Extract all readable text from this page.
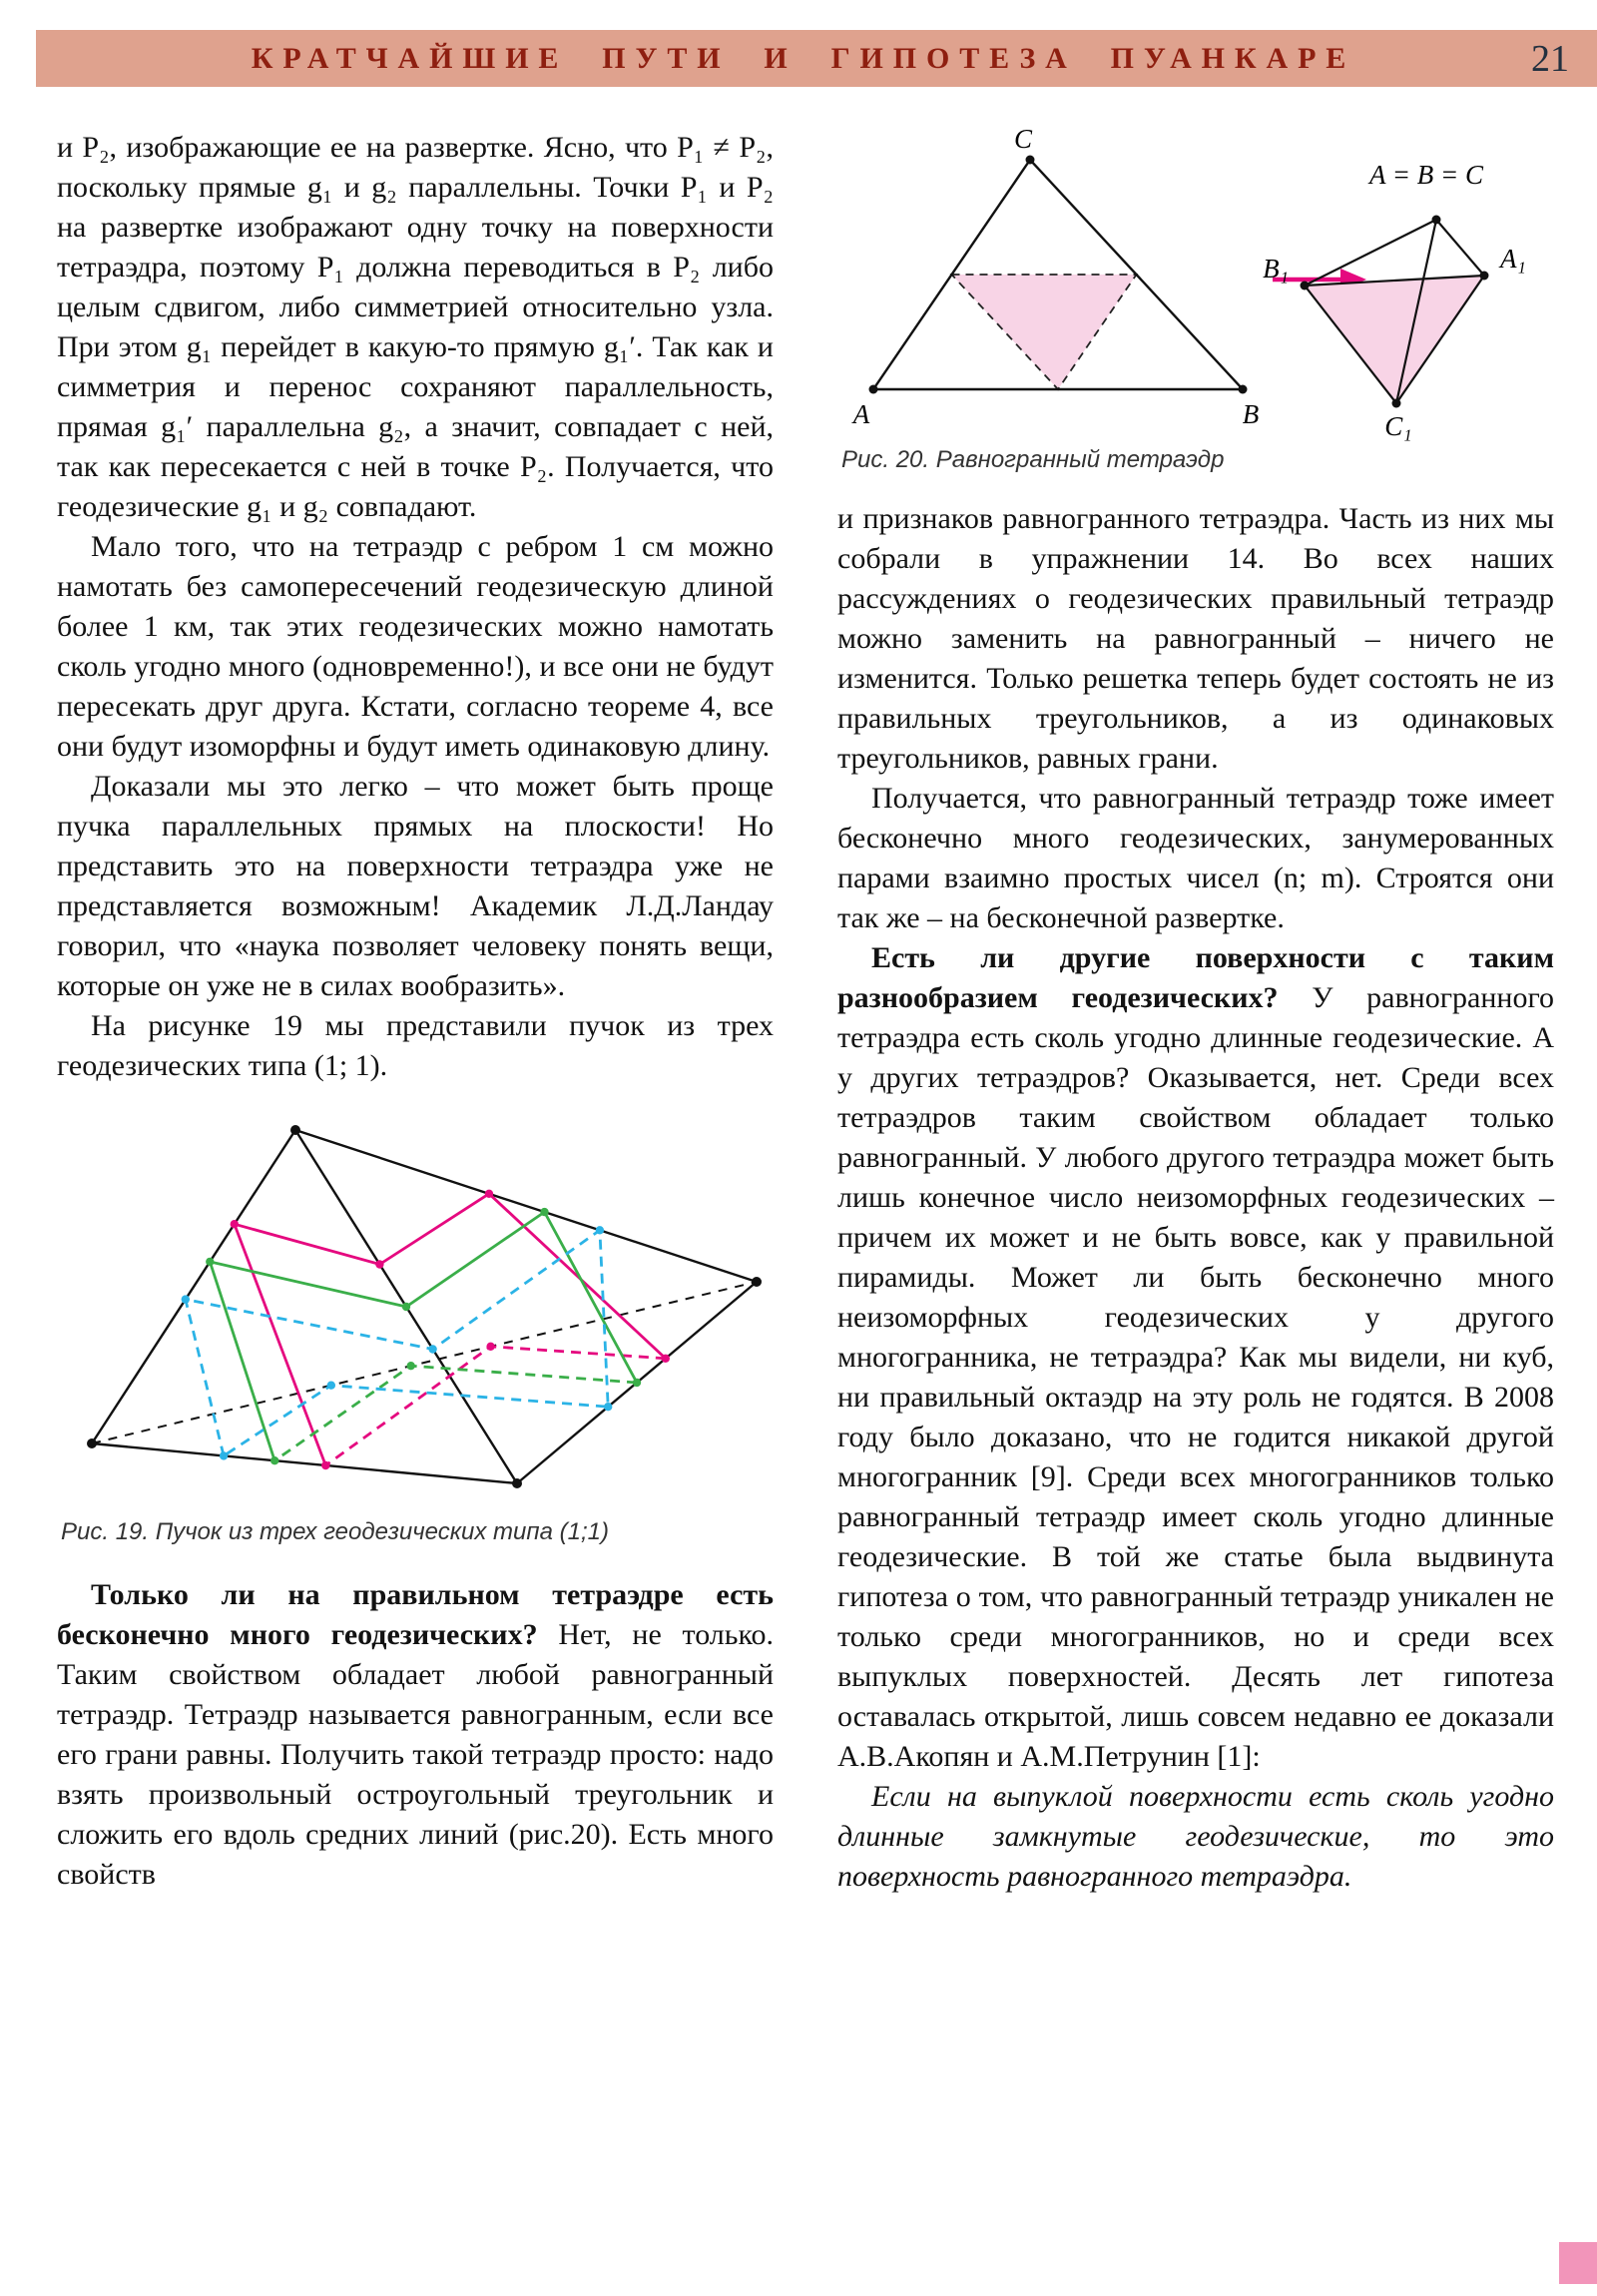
КРАТЧАЙШИЕ ПУТИ И ГИПОТЕЗА ПУАНКАРЕ	21

и P₂, изображающие ее на развертке. Ясно, что P₁ ≠ P₂, поскольку прямые g₁ и g₂ параллельны. Точки P₁ и P₂ на развертке изображают одну точку на поверхности тетраэдра, поэтому P₁ должна переводиться в P₂ либо целым сдвигом, либо симметрией относительно узла. При этом g₁ перейдет в какую-то прямую g₁′. Так как и симметрия и перенос сохраняют параллельность, прямая g₁′ параллельна g₂, а значит, совпадает с ней, так как пересекается с ней в точке P₂. Получается, что геодезические g₁ и g₂ совпадают.

Мало того, что на тетраэдр с ребром 1 см можно намотать без самопересечений геодезическую длиной более 1 км, так этих геодезических можно намотать сколь угодно много (одновременно!), и все они не будут пересекать друг друга. Кстати, согласно теореме 4, все они будут изоморфны и будут иметь одинаковую длину.

Доказали мы это легко – что может быть проще пучка параллельных прямых на плоскости! Но представить это на поверхности тетраэдра уже не представляется возможным! Академик Л.Д.Ландау говорил, что «наука позволяет человеку понять вещи, которые он уже не в силах вообразить».

На рисунке 19 мы представили пучок из трех геодезических типа (1; 1).

Рис. 19. Пучок из трех геодезических типа (1;1)

Только ли на правильном тетраэдре есть бесконечно много геодезических? Нет, не только. Таким свойством обладает любой равногранный тетраэдр. Тетраэдр называется равногранным, если все его грани равны. Получить такой тетраэдр просто: надо взять произвольный остроугольный треугольник и сложить его вдоль средних линий (рис.20). Есть много свойств

C
A	B
A = B = C
B₁	A₁
C₁
Рис. 20. Равногранный тетраэдр

и признаков равногранного тетраэдра. Часть из них мы собрали в упражнении 14. Во всех наших рассуждениях о геодезических правильный тетраэдр можно заменить на равногранный – ничего не изменится. Только решетка теперь будет состоять не из правильных треугольников, а из одинаковых треугольников, равных грани.

Получается, что равногранный тетраэдр тоже имеет бесконечно много геодезических, занумерованных парами взаимно простых чисел (n; m). Строятся они так же – на бесконечной развертке.

Есть ли другие поверхности с таким разнообразием геодезических? У равногранного тетраэдра есть сколь угодно длинные геодезические. А у других тетраэдров? Оказывается, нет. Среди всех тетраэдров таким свойством обладает только равногранный. У любого другого тетраэдра может быть лишь конечное число неизоморфных геодезических – причем их может и не быть вовсе, как у правильной пирамиды. Может ли быть бесконечно много неизоморфных геодезических у другого многогранника, не тетраэдра? Как мы видели, ни куб, ни правильный октаэдр на эту роль не годятся. В 2008 году было доказано, что не годится никакой другой многогранник [9]. Среди всех многогранников только равногранный тетраэдр имеет сколь угодно длинные геодезические. В той же статье была выдвинута гипотеза о том, что равногранный тетраэдр уникален не только среди многогранников, но и среди всех выпуклых поверхностей. Десять лет гипотеза оставалась открытой, лишь совсем недавно ее доказали А.В.Акопян и А.М.Петрунин [1]:

Если на выпуклой поверхности есть сколь угодно длинные замкнутые геодезические, то это поверхность равногранного тетраэдра.
